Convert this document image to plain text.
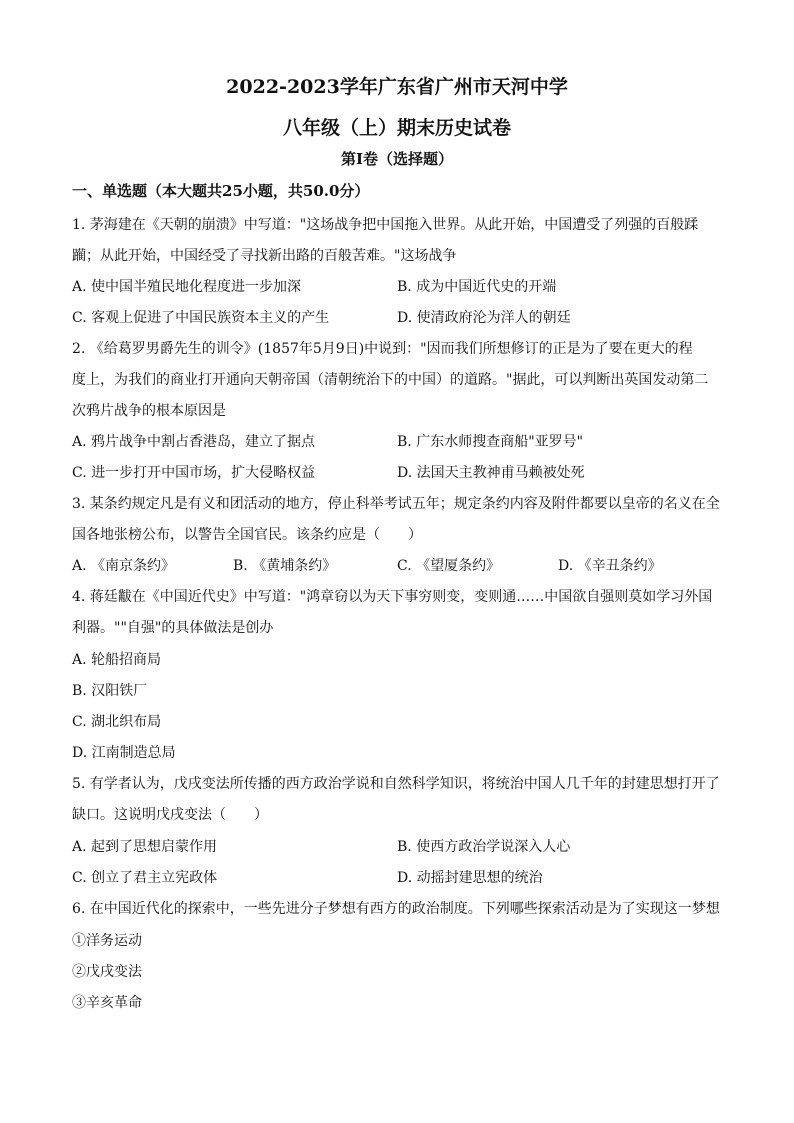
2022-2023学年广东省广州市天河中学
八年级（上）期末历史试卷
第I卷（选择题）
一、单选题（本大题共25小题，共50.0分）
1. 茅海建在《天朝的崩溃》中写道："这场战争把中国拖入世界。从此开始，中国遭受了列强的百般蹂
躏；从此开始，中国经受了寻找新出路的百般苦难。"这场战争
A. 使中国半殖民地化程度进一步加深	B. 成为中国近代史的开端
C. 客观上促进了中国民族资本主义的产生	D. 使清政府沦为洋人的朝廷
2. 《给葛罗男爵先生的训令》(1857年5月9日)中说到："因而我们所想修订的正是为了要在更大的程
度上，为我们的商业打开通向天朝帝国（清朝统治下的中国）的道路。"据此，可以判断出英国发动第二
次鸦片战争的根本原因是
A. 鸦片战争中割占香港岛，建立了据点	B. 广东水师搜查商船"亚罗号"
C. 进一步打开中国市场，扩大侵略权益	D. 法国天主教神甫马赖被处死
3. 某条约规定凡是有义和团活动的地方，停止科举考试五年；规定条约内容及附件都要以皇帝的名义在全
国各地张榜公布，以警告全国官民。该条约应是（　　）
A. 《南京条约》	B. 《黄埔条约》	C. 《望厦条约》	D. 《辛丑条约》
4. 蒋廷黻在《中国近代史》中写道："鸿章窃以为天下事穷则变，变则通……中国欲自强则莫如学习外国
利器。""自强"的具体做法是创办
A. 轮船招商局
B. 汉阳铁厂
C. 湖北织布局
D. 江南制造总局
5. 有学者认为，戊戌变法所传播的西方政治学说和自然科学知识，将统治中国人几千年的封建思想打开了
缺口。这说明戊戌变法（　　）
A. 起到了思想启蒙作用	B. 使西方政治学说深入人心
C. 创立了君主立宪政体	D. 动摇封建思想的统治
6. 在中国近代化的探索中，一些先进分子梦想有西方的政治制度。下列哪些探索活动是为了实现这一梦想
①洋务运动
②戊戌变法
③辛亥革命
